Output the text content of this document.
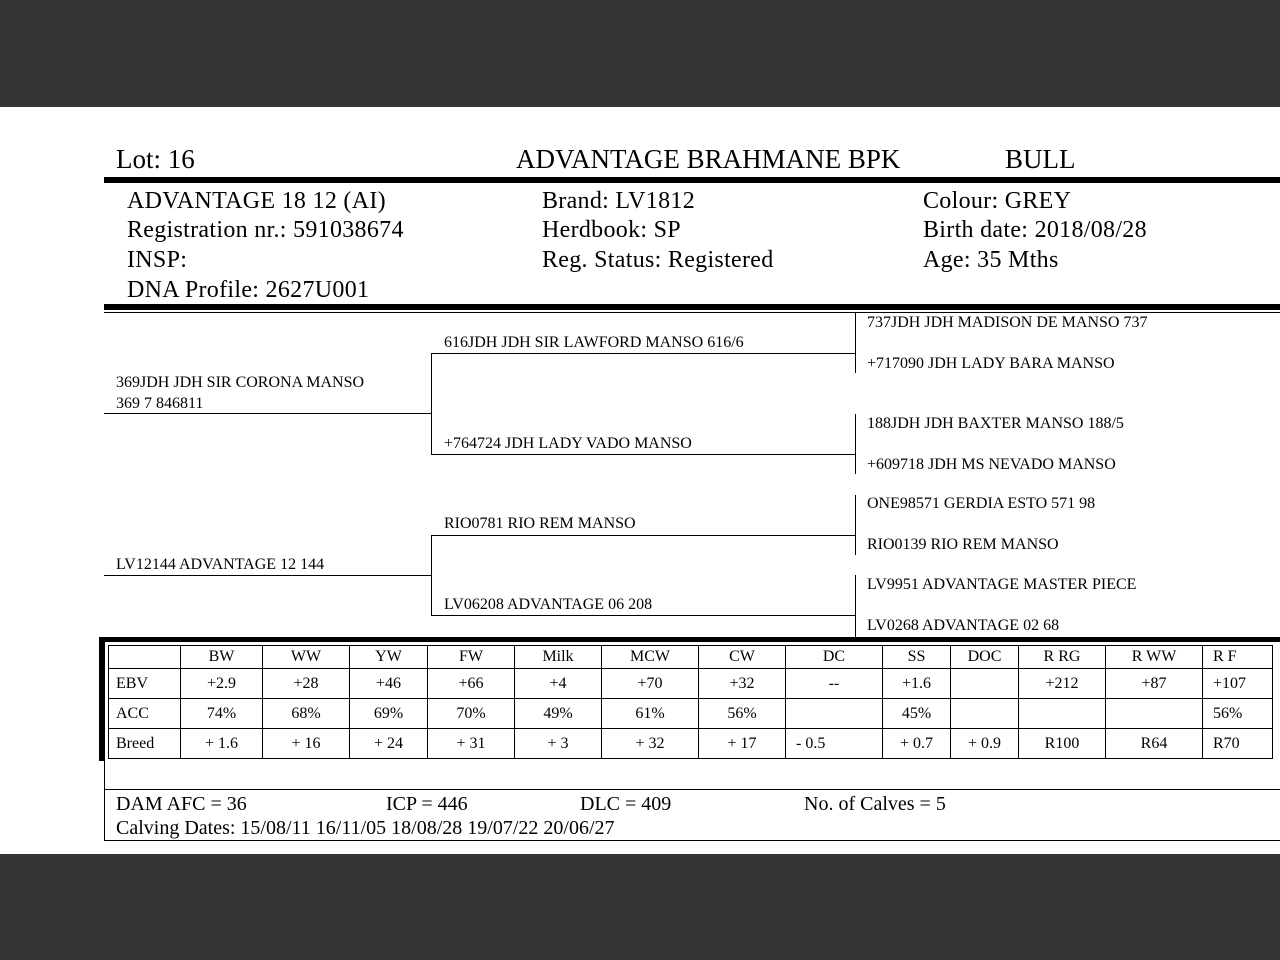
Lot: 16	ADVANTAGE BRAHMANE BPK	BULL
ADVANTAGE 18 12 (AI)
Registration nr.: 591038674
INSP:
DNA Profile: 2627U001
Brand: LV1812
Herdbook: SP
Reg. Status: Registered
Colour: GREY
Birth date: 2018/08/28
Age: 35 Mths
369JDH JDH SIR CORONA MANSO
369 7 846811
LV12144 ADVANTAGE 12 144
616JDH JDH SIR LAWFORD MANSO 616/6
+764724 JDH LADY VADO MANSO
RIO0781 RIO REM MANSO
LV06208 ADVANTAGE 06 208
737JDH JDH MADISON DE MANSO 737
+717090 JDH LADY BARA MANSO
188JDH JDH BAXTER MANSO 188/5
+609718 JDH MS NEVADO MANSO
ONE98571 GERDIA ESTO 571 98
RIO0139 RIO REM MANSO
LV9951 ADVANTAGE MASTER PIECE
LV0268 ADVANTAGE 02 68
	BW	WW	YW	FW	Milk	MCW	CW	DC	SS	DOC	R RG	R WW	R F
EBV	+2.9	+28	+46	+66	+4	+70	+32	--	+1.6		+212	+87	+107
ACC	74%	68%	69%	70%	49%	61%	56%		45%				56%
Breed	+ 1.6	+ 16	+ 24	+ 31	+ 3	+ 32	+ 17	- 0.5	+ 0.7	+ 0.9	R100	R64	R70
DAM AFC = 36	ICP = 446	DLC = 409	No. of Calves = 5
Calving Dates: 15/08/11 16/11/05 18/08/28 19/07/22 20/06/27
